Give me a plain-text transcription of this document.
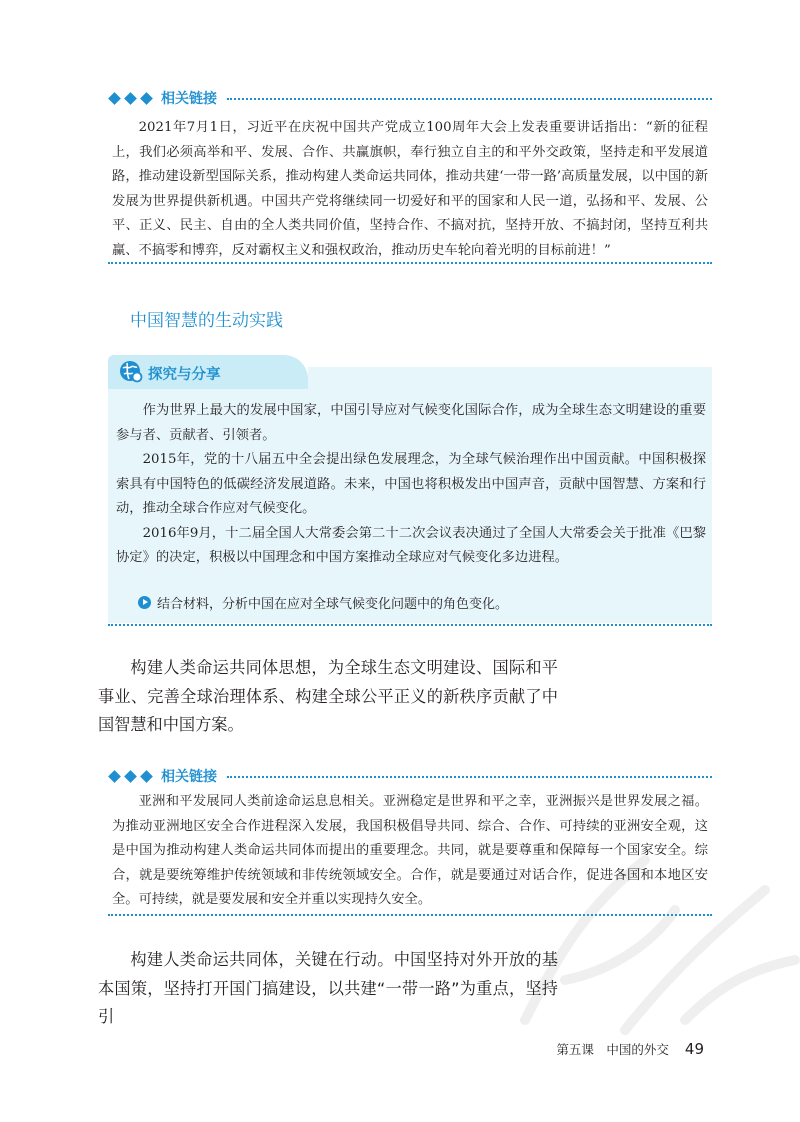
相关链接

2021年7月1日，习近平在庆祝中国共产党成立100周年大会上发表重要讲话指出：“新的征程上，我们必须高举和平、发展、合作、共赢旗帜，奉行独立自主的和平外交政策，坚持走和平发展道路，推动建设新型国际关系，推动构建人类命运共同体，推动共建‘一带一路’高质量发展，以中国的新发展为世界提供新机遇。中国共产党将继续同一切爱好和平的国家和人民一道，弘扬和平、发展、公平、正义、民主、自由的全人类共同价值，坚持合作、不搞对抗，坚持开放、不搞封闭，坚持互利共赢、不搞零和博弈，反对霸权主义和强权政治，推动历史车轮向着光明的目标前进！”

中国智慧的生动实践
探究与分享

作为世界上最大的发展中国家，中国引导应对气候变化国际合作，成为全球生态文明建设的重要参与者、贡献者、引领者。

2015年，党的十八届五中全会提出绿色发展理念，为全球气候治理作出中国贡献。中国积极探索具有中国特色的低碳经济发展道路。未来，中国也将积极发出中国声音，贡献中国智慧、方案和行动，推动全球合作应对气候变化。

2016年9月，十二届全国人大常委会第二十二次会议表决通过了全国人大常委会关于批准《巴黎协定》的决定，积极以中国理念和中国方案推动全球应对气候变化多边进程。

结合材料，分析中国在应对全球气候变化问题中的角色变化。

构建人类命运共同体思想，为全球生态文明建设、国际和平事业、完善全球治理体系、构建全球公平正义的新秩序贡献了中国智慧和中国方案。

相关链接

亚洲和平发展同人类前途命运息息相关。亚洲稳定是世界和平之幸，亚洲振兴是世界发展之福。为推动亚洲地区安全合作进程深入发展，我国积极倡导共同、综合、合作、可持续的亚洲安全观，这是中国为推动构建人类命运共同体而提出的重要理念。共同，就是要尊重和保障每一个国家安全。综合，就是要统筹维护传统领域和非传统领域安全。合作，就是要通过对话合作，促进各国和本地区安全。可持续，就是要发展和安全并重以实现持久安全。

构建人类命运共同体，关键在行动。中国坚持对外开放的基本国策，坚持打开国门搞建设，以共建“一带一路”为重点，坚持引

第五课　中国的外交 49
